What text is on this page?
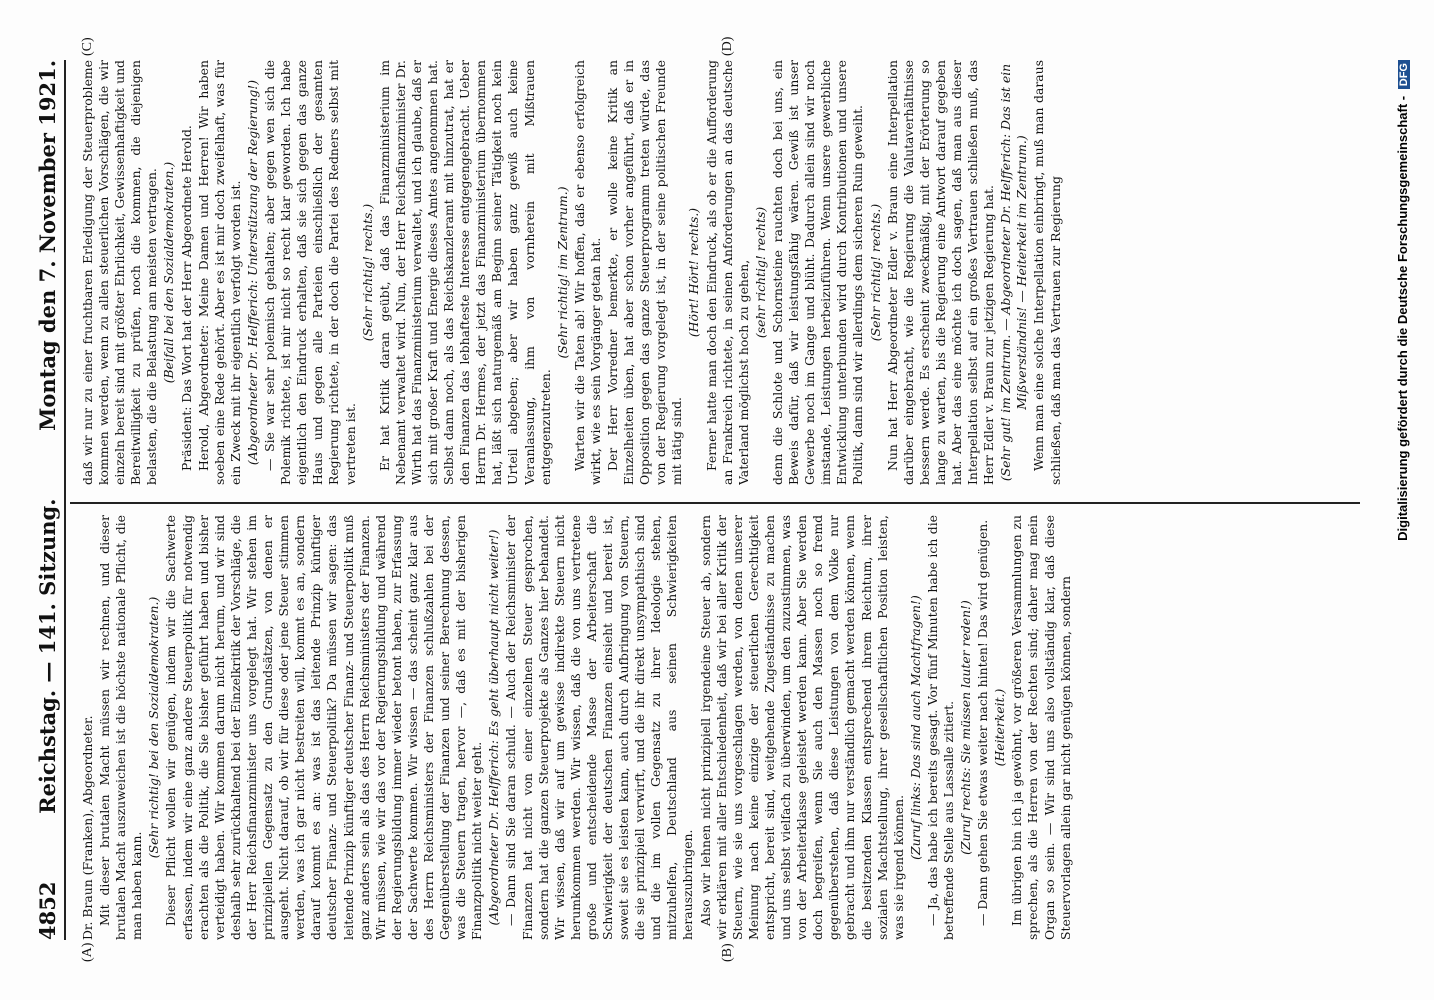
4852
Reichstag. — 141. Sitzung.
Montag den 7. November 1921.
(A)	(B)
(C)	(D)

Dr. Braun (Franken), Abgeordneter. Mit dieser brutalen Macht müssen wir rechnen, und dieser brutalen Macht auszuweichen ist die höchste nationale Pflicht, die man haben kann.

(Sehr richtig! bei den Sozialdemokraten.) Dieser Pflicht wollen wir genügen, indem wir die Sachwerte erfassen, indem wir eine ganz andere Steuerpolitik für notwendig erachten als die Politik, die Sie bisher geführt haben und bisher verteidigt haben. Wir kommen darum nicht herum, und wir sind deshalb sehr zurückhaltend bei der Einzelkritik der Vorschläge, die der Herr Reichsfinanzminister uns vorgelegt hat. Wir stehen im prinzipiellen Gegensatz zu den Grundsätzen, von denen er ausgeht. Nicht darauf, ob wir für diese oder jene Steuer stimmen werden, was ich gar nicht bestreiten will, kommt es an, sondern darauf kommt es an: was ist das leitende Prinzip künftiger deutscher Finanz- und Steuerpolitik? Da müssen wir sagen: das leitende Prinzip künftiger deutscher Finanz- und Steuerpolitik muß ganz anders sein als das des Herrn Reichsministers der Finanzen. Wir müssen, wie wir das vor der Regierungsbildung und während der Regierungsbildung immer wieder betont haben, zur Erfassung der Sachwerte kommen. Wir wissen — das scheint ganz klar aus des Herrn Reichsministers der Finanzen schlußzahlen bei der Gegenüberstellung der Finanzen und seiner Berechnung dessen, was die Steuern tragen, hervor —, daß es mit der bisherigen Finanzpolitik nicht weiter geht. (Abgeordneter Dr. Helfferich: Es geht überhaupt nicht weiter!) — Dann sind Sie daran schuld. — Auch der Reichsminister der Finanzen hat nicht von einer einzelnen Steuer gesprochen, sondern hat die ganzen Steuerprojekte als Ganzes hier behandelt. Wir wissen, daß wir auf um gewisse indirekte Steuern nicht herumkommen werden. Wir wissen, daß die von uns vertretene große und entscheidende Masse der Arbeiterschaft die Schwierigkeit der deutschen Finanzen einsieht und bereit ist, soweit sie es leisten kann, auch durch Aufbringung von Steuern, die sie prinzipiell verwirft, und die ihr direkt unsympathisch sind und die im vollen Gegensatz zu ihrer Ideologie stehen, mitzuhelfen, Deutschland aus seinen Schwierigkeiten herauszubringen. Also wir lehnen nicht prinzipiell irgendeine Steuer ab, sondern wir erklären mit aller Entschiedenheit, daß wir bei aller Kritik der Steuern, wie sie uns vorgeschlagen werden, von denen unserer Meinung nach keine einzige der steuerlichen Gerechtigkeit entspricht, bereit sind, weitgehende Zugeständnisse zu machen und uns selbst vielfach zu überwinden, um den zuzustimmen, was von der Arbeiterklasse geleistet werden kann. Aber Sie werden doch begreifen, wenn Sie auch den Massen noch so fremd gegenüberstehen, daß diese Leistungen von dem Volke nur gebracht und ihm nur verständlich gemacht werden können, wenn die besitzenden Klassen entsprechend ihrem Reichtum, ihrer sozialen Machtstellung, ihrer gesellschaftlichen Position leisten, was sie irgend können.

(Zuruf links: Das sind auch Machtfragen!) — Ja, das habe ich bereits gesagt. Vor fünf Minuten habe ich die betreffende Stelle aus Lassalle zitiert. (Zuruf rechts: Sie müssen lauter reden!) — Dann gehen Sie etwas weiter nach hinten! Das wird genügen. (Heiterkeit.) Im übrigen bin ich ja gewöhnt, vor größeren Versammlungen zu sprechen, als die Herren von der Rechten sind; daher mag mein Organ so sein. — Wir sind uns also vollständig klar, daß diese Steuervorlagen allein gar nicht genügen können, sondern

daß wir nur zu einer fruchtbaren Erledigung der Steuerprobleme kommen werden, wenn zu allen steuerlichen Vorschlägen, die wir einzeln bereit sind mit größter Ehrlichkeit, Gewissenhaftigkeit und Bereitwilligkeit zu prüfen, noch die kommen, die diejenigen belasten, die die Belastung am meisten vertragen. (Beifall bei den Sozialdemokraten.) Präsident: Das Wort hat der Herr Abgeordnete Herold. Herold, Abgeordneter: Meine Damen und Herren! Wir haben soeben eine Rede gehört. Aber es ist mir doch zweifelhaft, was für ein Zweck mit ihr eigentlich verfolgt worden ist. (Abgeordneter Dr. Helfferich: Unterstützung der Regierung!) — Sie war sehr polemisch gehalten; aber gegen wen sich die Polemik richtete, ist mir nicht so recht klar geworden. Ich habe eigentlich den Eindruck erhalten, daß sie sich gegen das ganze Haus und gegen alle Parteien einschließlich der gesamten Regierung richtete, in der doch die Partei des Redners selbst mit vertreten ist.

(Sehr richtig! rechts.) Er hat Kritik daran geübt, daß das Finanzministerium im Nebenamt verwaltet wird. Nun, der Herr Reichsfinanzminister Dr. Wirth hat das Finanzministerium verwaltet, und ich glaube, daß er sich mit großer Kraft und Energie dieses Amtes angenommen hat. Selbst dann noch, als das Reichskanzleramt mit hinzutrat, hat er den Finanzen das lebhafteste Interesse entgegengebracht. Ueber Herrn Dr. Hermes, der jetzt das Finanzministerium übernommen hat, läßt sich naturgemäß am Beginn seiner Tätigkeit noch kein Urteil abgeben; aber wir haben ganz gewiß auch keine Veranlassung, ihm von vornherein mit Mißtrauen entgegenzutreten.

(Sehr richtig! im Zentrum.) Warten wir die Taten ab! Wir hoffen, daß er ebenso erfolgreich wirkt, wie es sein Vorgänger getan hat. Der Herr Vorredner bemerkte, er wolle keine Kritik an Einzelheiten üben, hat aber schon vorher angeführt, daß er in Opposition gegen das ganze Steuerprogramm treten würde, das von der Regierung vorgelegt ist, in der seine politischen Freunde mit tätig sind.

(Hört! Hört! rechts.) Ferner hatte man doch den Eindruck, als ob er die Aufforderung an Frankreich richtete, in seinen Anforderungen an das deutsche Vaterland möglichst hoch zu gehen, (sehr richtig! rechts) denn die Schlote und Schornsteine rauchten doch bei uns, ein Beweis dafür, daß wir leistungsfähig wären. Gewiß ist unser Gewerbe noch im Gange und blüht. Dadurch allein sind wir noch imstande, Leistungen herbeizuführen. Wenn unsere gewerbliche Entwicklung unterbunden wird durch Kontributionen und unsere Politik, dann sind wir allerdings dem sicheren Ruin geweiht. (Sehr richtig! rechts.) Nun hat Herr Abgeordneter Edler v. Braun eine Interpellation darüber eingebracht, wie die Regierung die Valutaverhältnisse bessern werde. Es erscheint zweckmäßig, mit der Erörterung so lange zu warten, bis die Regierung eine Antwort darauf gegeben hat. Aber das eine möchte ich doch sagen, daß man aus dieser Interpellation selbst auf ein großes Vertrauen schließen muß, das Herr Edler v. Braun zur jetzigen Regierung hat. (Sehr gut! im Zentrum. — Abgeordneter Dr. Helfferich: Das ist ein Mißverständnis! — Heiterkeit im Zentrum.) Wenn man eine solche Interpellation einbringt, muß man daraus schließen, daß man das Vertrauen zur Regierung	Digitalisierung gefördert durch die Deutsche Forschungsgemeinschaft - DFG
